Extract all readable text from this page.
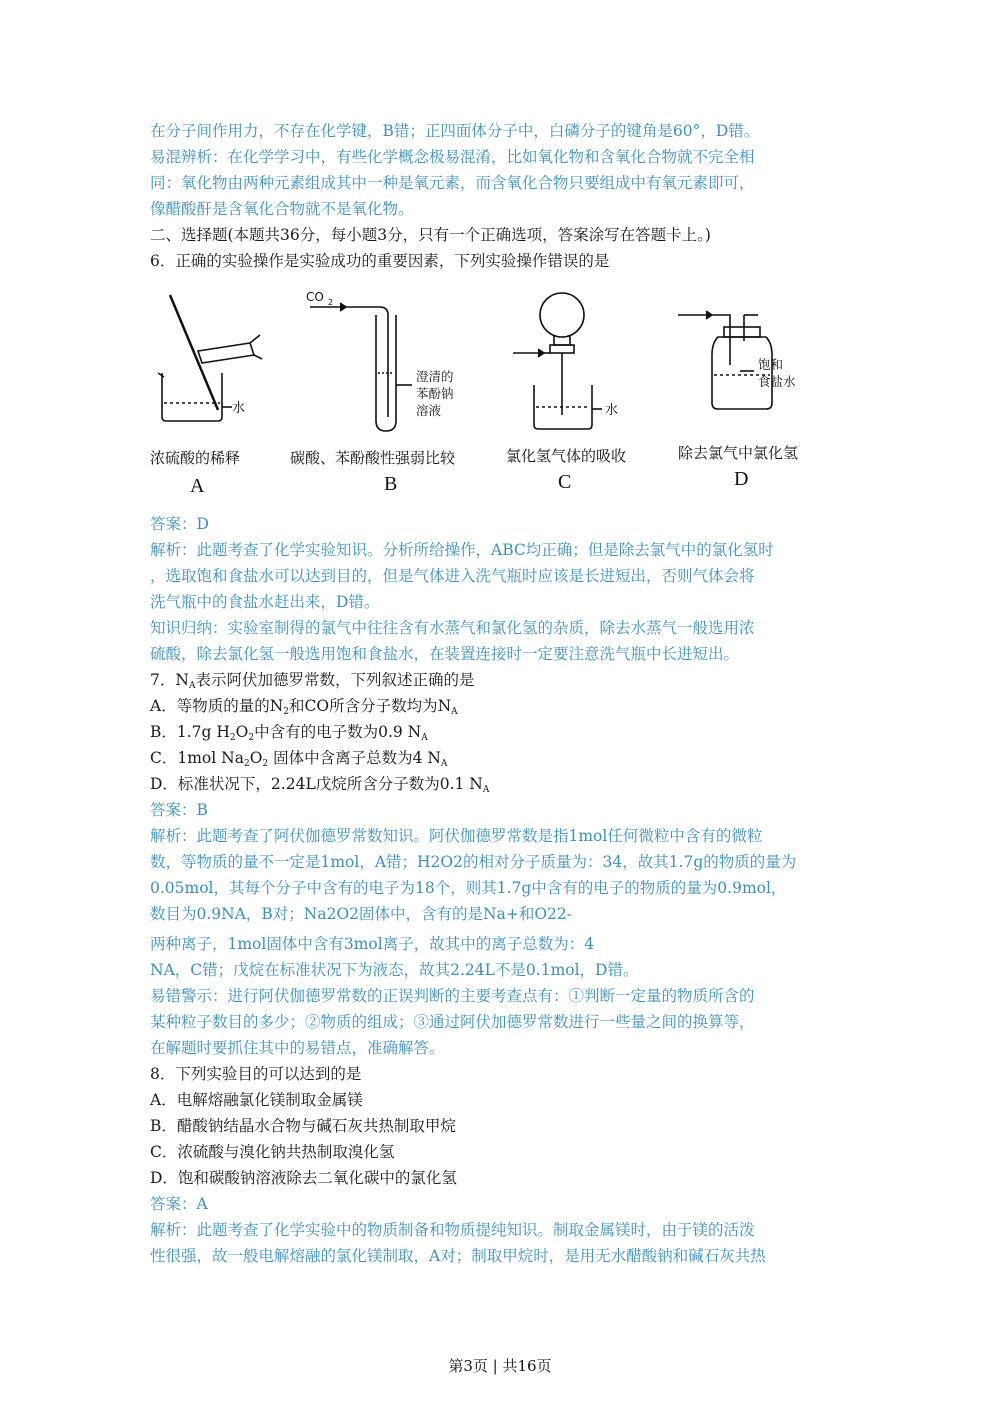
在分子间作用力，不存在化学键，B错；正四面体分子中，白磷分子的键角是60°，D错。
易混辨析：在化学学习中，有些化学概念极易混淆，比如氧化物和含氧化合物就不完全相
同：氧化物由两种元素组成其中一种是氧元素，而含氧化合物只要组成中有氧元素即可，
像醋酸酐是含氧化合物就不是氧化物。
二、选择题(本题共36分，每小题3分，只有一个正确选项，答案涂写在答题卡上。)
6．正确的实验操作是实验成功的重要因素，下列实验操作错误的是
水
CO 2
澄清的
苯酚钠
溶液	水
饱和
食盐水
浓硫酸的稀释	碳酸、苯酚酸性强弱比较	氯化氢气体的吸收	除去氯气中氯化氢
A	B	C	D
答案：D
解析：此题考查了化学实验知识。分析所给操作，ABC均正确；但是除去氯气中的氯化氢时
，选取饱和食盐水可以达到目的，但是气体进入洗气瓶时应该是长进短出，否则气体会将
洗气瓶中的食盐水赶出来，D错。
知识归纳：实验室制得的氯气中往往含有水蒸气和氯化氢的杂质，除去水蒸气一般选用浓
硫酸，除去氯化氢一般选用饱和食盐水，在装置连接时一定要注意洗气瓶中长进短出。
7．$N_A$表示阿伏加德罗常数，下列叙述正确的是
A．等物质的量的$N_2$和CO所含分子数均为$N_A$
B．1.7g $H_2O_2$中含有的电子数为0.9 $N_A$
C．1mol $Na_2O_2$ 固体中含离子总数为4 $N_A$
D．标准状况下，2.24L戊烷所含分子数为0.1 $N_A$
答案：B
解析：此题考查了阿伏伽德罗常数知识。阿伏伽德罗常数是指1mol任何微粒中含有的微粒
数，等物质的量不一定是1mol，A错；H2O2的相对分子质量为：34，故其1.7g的物质的量为
0.05mol，其每个分子中含有的电子为18个，则其1.7g中含有的电子的物质的量为0.9mol，
数目为0.9NA，B对；Na2O2固体中，含有的是Na+和O22-
两种离子，1mol固体中含有3mol离子，故其中的离子总数为：4
NA，C错；戊烷在标准状况下为液态，故其2.24L不是0.1mol，D错。
易错警示：进行阿伏伽德罗常数的正误判断的主要考查点有：①判断一定量的物质所含的
某种粒子数目的多少；②物质的组成；③通过阿伏加德罗常数进行一些量之间的换算等，
在解题时要抓住其中的易错点，准确解答。
8．下列实验目的可以达到的是
A．电解熔融氯化镁制取金属镁
B．醋酸钠结晶水合物与碱石灰共热制取甲烷
C．浓硫酸与溴化钠共热制取溴化氢
D．饱和碳酸钠溶液除去二氧化碳中的氯化氢
答案：A
解析：此题考查了化学实验中的物质制备和物质提纯知识。制取金属镁时，由于镁的活泼
性很强，故一般电解熔融的氯化镁制取，A对；制取甲烷时，是用无水醋酸钠和碱石灰共热
第3页 | 共16页
